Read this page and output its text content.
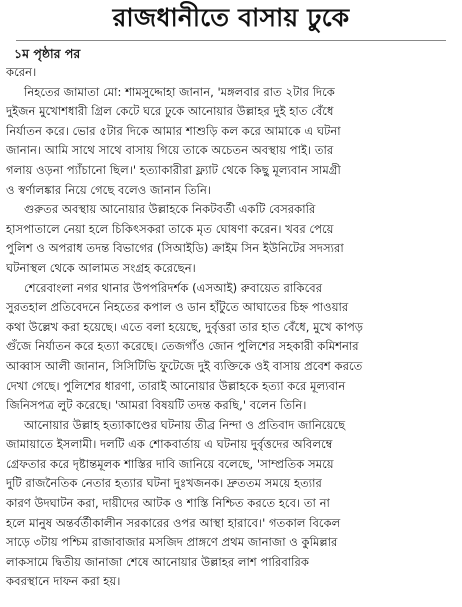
রাজধানীতে বাসায় ঢুকে
১ম পৃষ্ঠার পর
করেন।
নিহতের জামাতা মো: শামসুদ্দোহা জানান, 'মঙ্গলবার রাত ২টার দিকে
দুইজন মুখোশধারী গ্রিল কেটে ঘরে ঢুকে আনোয়ার উল্লাহর দুই হাত বেঁধে
নির্যাতন করে। ভোর ৫টার দিকে আমার শাশুড়ি কল করে আমাকে এ ঘটনা
জানান। আমি সাথে সাথে বাসায় গিয়ে তাকে অচেতন অবস্থায় পাই। তার
গলায় ওড়না প্যাঁচানো ছিল।' হত্যাকারীরা ফ্ল্যাট থেকে কিছু মূল্যবান সামগ্রী
ও স্বর্ণালঙ্কার নিয়ে গেছে বলেও জানান তিনি।
গুরুতর অবস্থায় আনোয়ার উল্লাহকে নিকটবর্তী একটি বেসরকারি
হাসপাতালে নেয়া হলে চিকিৎসকরা তাকে মৃত ঘোষণা করেন। খবর পেয়ে
পুলিশ ও অপরাধ তদন্ত বিভাগের (সিআইডি) ক্রাইম সিন ইউনিটের সদস্যরা
ঘটনাস্থল থেকে আলামত সংগ্রহ করেছেন।
শেরেবাংলা নগর থানার উপপরিদর্শক (এসআই) রুবায়েত রাকিবের
সুরতহাল প্রতিবেদনে নিহতের কপাল ও ডান হাঁটুতে আঘাতের চিহ্ন পাওয়ার
কথা উল্লেখ করা হয়েছে। এতে বলা হয়েছে, দুর্বৃত্তরা তার হাত বেঁধে, মুখে কাপড়
গুঁজে নির্যাতন করে হত্যা করেছে। তেজগাঁও জোন পুলিশের সহকারী কমিশনার
আব্বাস আলী জানান, সিসিটিভি ফুটেজে দুই ব্যক্তিকে ওই বাসায় প্রবেশ করতে
দেখা গেছে। পুলিশের ধারণা, তারাই আনোয়ার উল্লাহকে হত্যা করে মূল্যবান
জিনিসপত্র লুট করেছে। 'আমরা বিষয়টি তদন্ত করছি,' বলেন তিনি।
আনোয়ার উল্লাহ হত্যাকাণ্ডের ঘটনায় তীব্র নিন্দা ও প্রতিবাদ জানিয়েছে
জামায়াতে ইসলামী। দলটি এক শোকবার্তায় এ ঘটনায় দুর্বৃত্তদের অবিলম্বে
গ্রেফতার করে দৃষ্টান্তমূলক শাস্তির দাবি জানিয়ে বলেছে, 'সাম্প্রতিক সময়ে
দুটি রাজনৈতিক নেতার হত্যার ঘটনা দুঃখজনক। দ্রুততম সময়ে হত্যার
কারণ উদঘাটন করা, দায়ীদের আটক ও শাস্তি নিশ্চিত করতে হবে। তা না
হলে মানুষ অন্তর্বর্তীকালীন সরকারের ওপর আস্থা হারাবে।' গতকাল বিকেল
সাড়ে ৩টায় পশ্চিম রাজাবাজার মসজিদ প্রাঙ্গণে প্রথম জানাজা ও কুমিল্লার
লাকসামে দ্বিতীয় জানাজা শেষে আনোয়ার উল্লাহর লাশ পারিবারিক
কবরস্থানে দাফন করা হয়।
